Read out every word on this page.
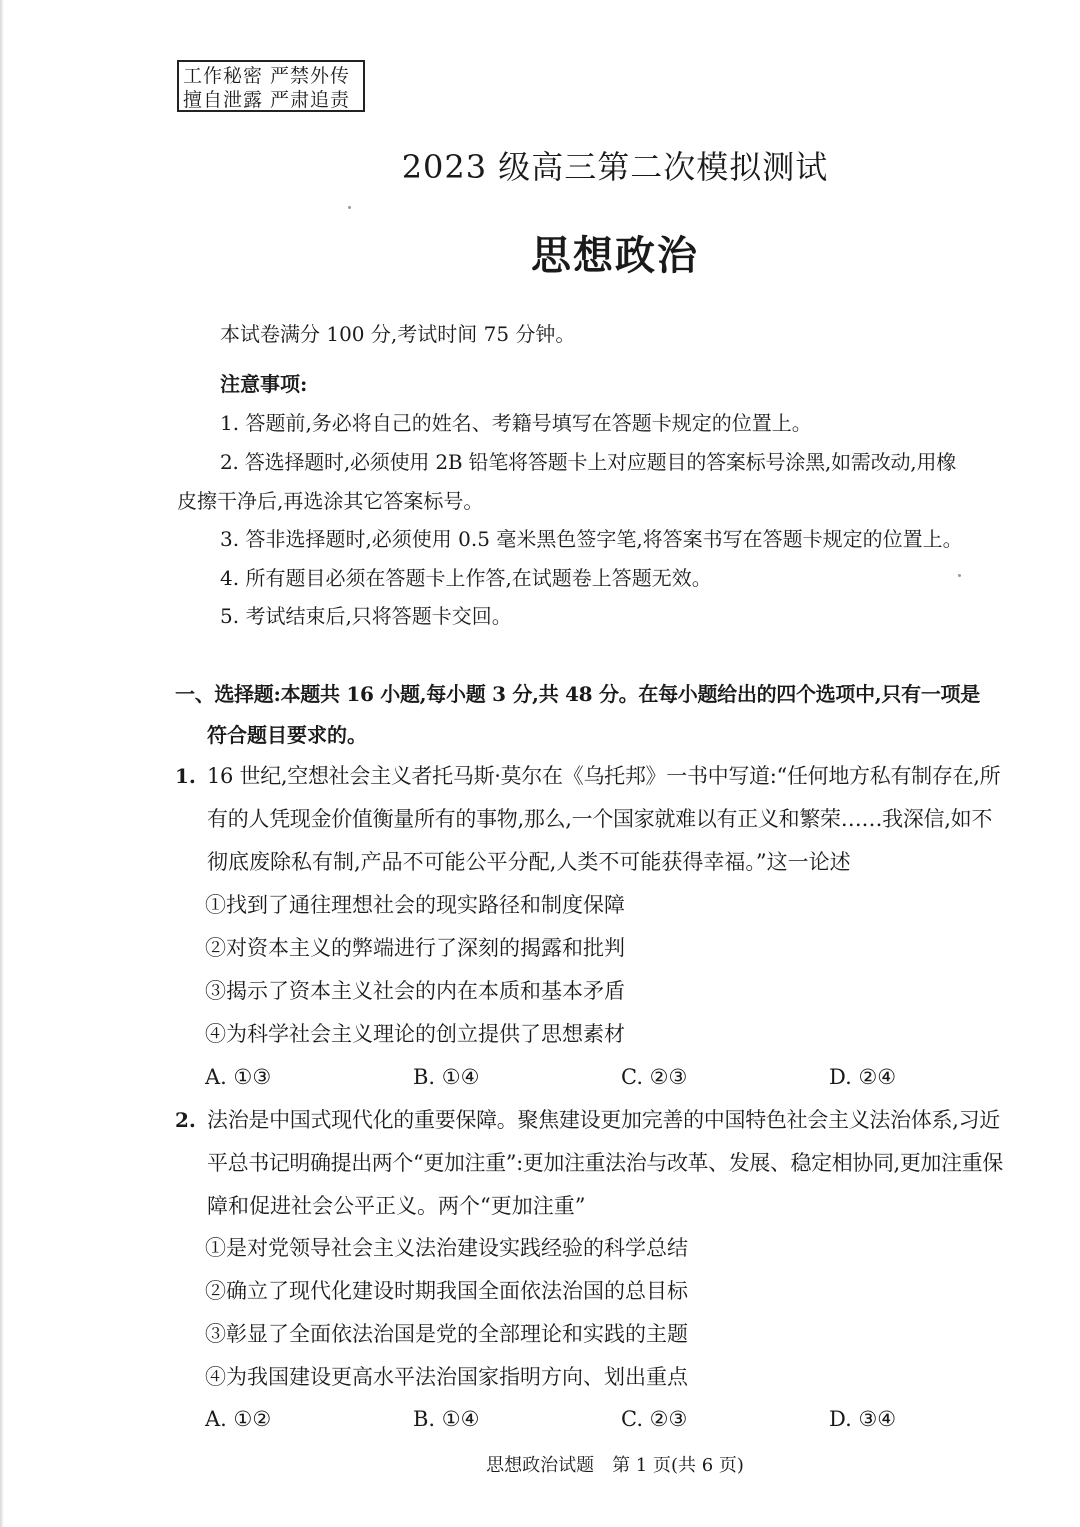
工作秘密 严禁外传
擅自泄露 严肃追责
2023 级高三第二次模拟测试
思想政治
本试卷满分 100 分,考试时间 75 分钟。
注意事项:
1. 答题前,务必将自己的姓名、考籍号填写在答题卡规定的位置上。
2. 答选择题时,必须使用 2B 铅笔将答题卡上对应题目的答案标号涂黑,如需改动,用橡
皮擦干净后,再选涂其它答案标号。
3. 答非选择题时,必须使用 0.5 毫米黑色签字笔,将答案书写在答题卡规定的位置上。
4. 所有题目必须在答题卡上作答,在试题卷上答题无效。
5. 考试结束后,只将答题卡交回。
一、选择题:本题共 16 小题,每小题 3 分,共 48 分。在每小题给出的四个选项中,只有一项是
符合题目要求的。
1. 16 世纪,空想社会主义者托马斯·莫尔在《乌托邦》一书中写道:“任何地方私有制存在,所
有的人凭现金价值衡量所有的事物,那么,一个国家就难以有正义和繁荣……我深信,如不
彻底废除私有制,产品不可能公平分配,人类不可能获得幸福。”这一论述
①找到了通往理想社会的现实路径和制度保障
②对资本主义的弊端进行了深刻的揭露和批判
③揭示了资本主义社会的内在本质和基本矛盾
④为科学社会主义理论的创立提供了思想素材
A. ①③	B. ①④	C. ②③	D. ②④
2. 法治是中国式现代化的重要保障。聚焦建设更加完善的中国特色社会主义法治体系,习近
平总书记明确提出两个“更加注重”:更加注重法治与改革、发展、稳定相协同,更加注重保
障和促进社会公平正义。两个“更加注重”
①是对党领导社会主义法治建设实践经验的科学总结
②确立了现代化建设时期我国全面依法治国的总目标
③彰显了全面依法治国是党的全部理论和实践的主题
④为我国建设更高水平法治国家指明方向、划出重点
A. ①②	B. ①④	C. ②③	D. ③④
思想政治试题　第 1 页(共 6 页)
